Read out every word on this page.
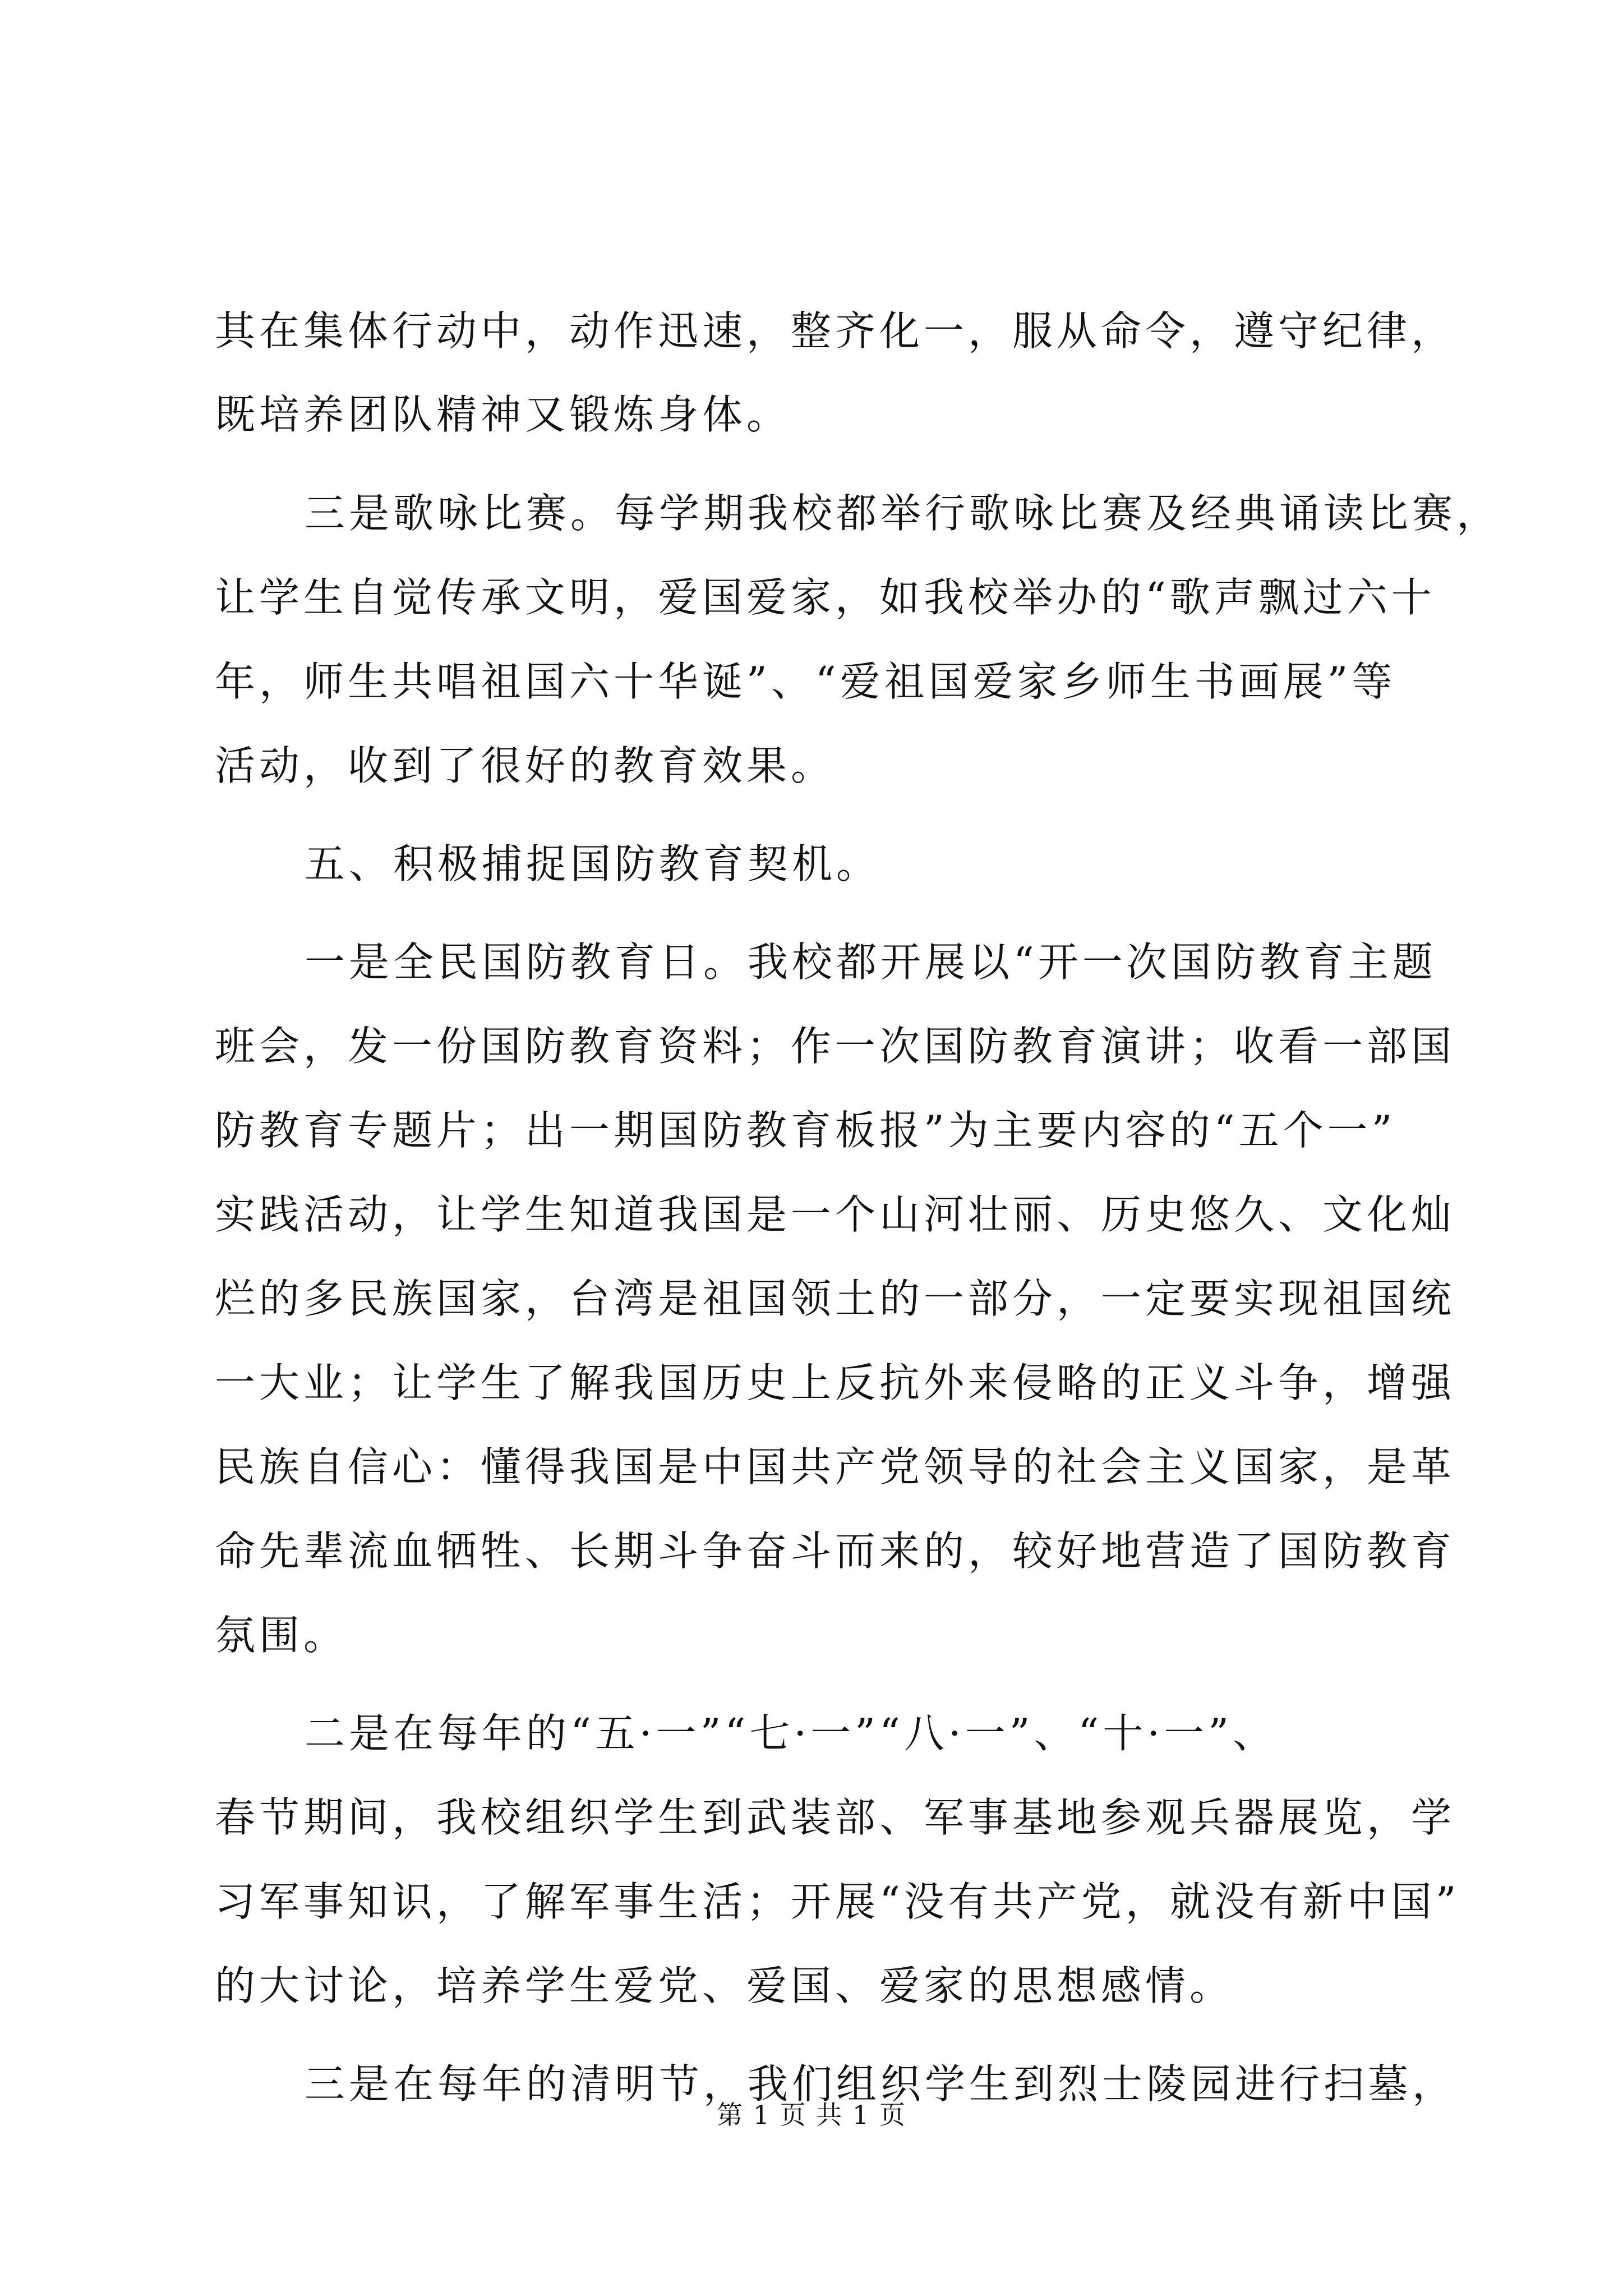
其在集体行动中，动作迅速，整齐化一，服从命令，遵守纪律，
既培养团队精神又锻炼身体。
三是歌咏比赛。每学期我校都举行歌咏比赛及经典诵读比赛，
让学生自觉传承文明，爱国爱家，如我校举办的“歌声飘过六十
年，师生共唱祖国六十华诞”、“爱祖国爱家乡师生书画展”等
活动，收到了很好的教育效果。
五、积极捕捉国防教育契机。
一是全民国防教育日。我校都开展以“开一次国防教育主题
班会，发一份国防教育资料；作一次国防教育演讲；收看一部国
防教育专题片；出一期国防教育板报”为主要内容的“五个一”
实践活动，让学生知道我国是一个山河壮丽、历史悠久、文化灿
烂的多民族国家，台湾是祖国领土的一部分，一定要实现祖国统
一大业；让学生了解我国历史上反抗外来侵略的正义斗争，增强
民族自信心：懂得我国是中国共产党领导的社会主义国家，是革
命先辈流血牺牲、长期斗争奋斗而来的，较好地营造了国防教育
氛围。
二是在每年的“五·一”“七·一”“八·一”、“十·一”、
春节期间，我校组织学生到武装部、军事基地参观兵器展览，学
习军事知识，了解军事生活；开展“没有共产党，就没有新中国”
的大讨论，培养学生爱党、爱国、爱家的思想感情。
三是在每年的清明节，我们组织学生到烈士陵园进行扫墓，
第 1 页 共 1 页
